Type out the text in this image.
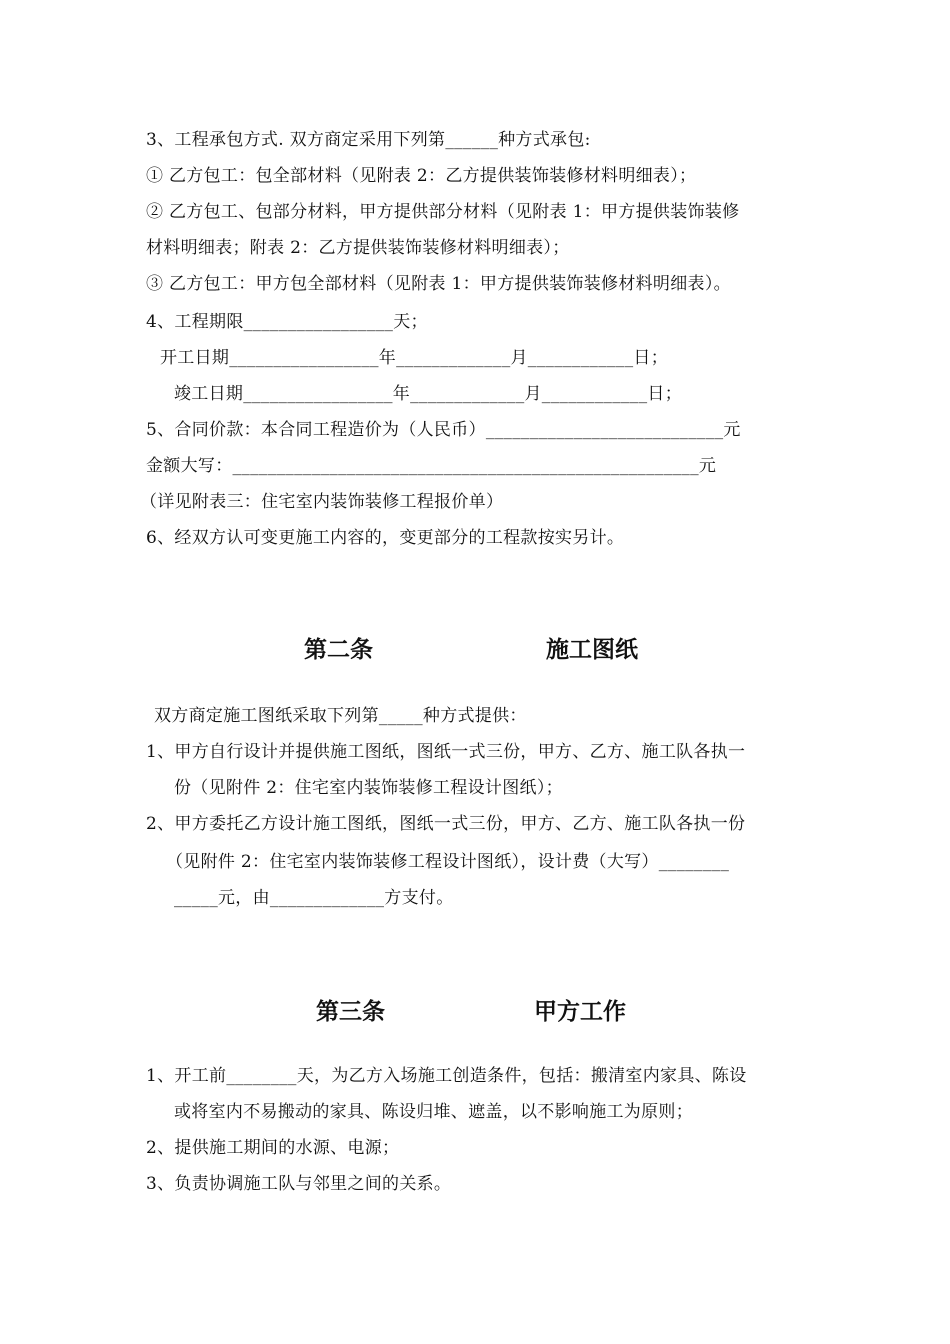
3、工程承包方式. 双方商定采用下列第______种方式承包:
① 乙方包工：包全部材料（见附表 2：乙方提供装饰装修材料明细表）；
② 乙方包工、包部分材料，甲方提供部分材料（见附表 1：甲方提供装饰装修
材料明细表；附表 2：乙方提供装饰装修材料明细表）；
③ 乙方包工：甲方包全部材料（见附表 1：甲方提供装饰装修材料明细表）。
4、工程期限_________________天；
开工日期_________________年_____________月____________日；
竣工日期_________________年_____________月____________日；
5、合同价款：本合同工程造价为（人民币）___________________________元
金额大写：_____________________________________________________元
（详见附表三：住宅室内装饰装修工程报价单）
6、经双方认可变更施工内容的，变更部分的工程款按实另计。
第二条	施工图纸
双方商定施工图纸采取下列第_____种方式提供：
1、甲方自行设计并提供施工图纸，图纸一式三份，甲方、乙方、施工队各执一
份（见附件 2：住宅室内装饰装修工程设计图纸）；
2、甲方委托乙方设计施工图纸，图纸一式三份，甲方、乙方、施工队各执一份
（见附件 2：住宅室内装饰装修工程设计图纸），设计费（大写）________
_____元，由_____________方支付。
第三条	甲方工作
1、开工前________天，为乙方入场施工创造条件，包括：搬清室内家具、陈设
或将室内不易搬动的家具、陈设归堆、遮盖，以不影响施工为原则；
2、提供施工期间的水源、电源；
3、负责协调施工队与邻里之间的关系。
